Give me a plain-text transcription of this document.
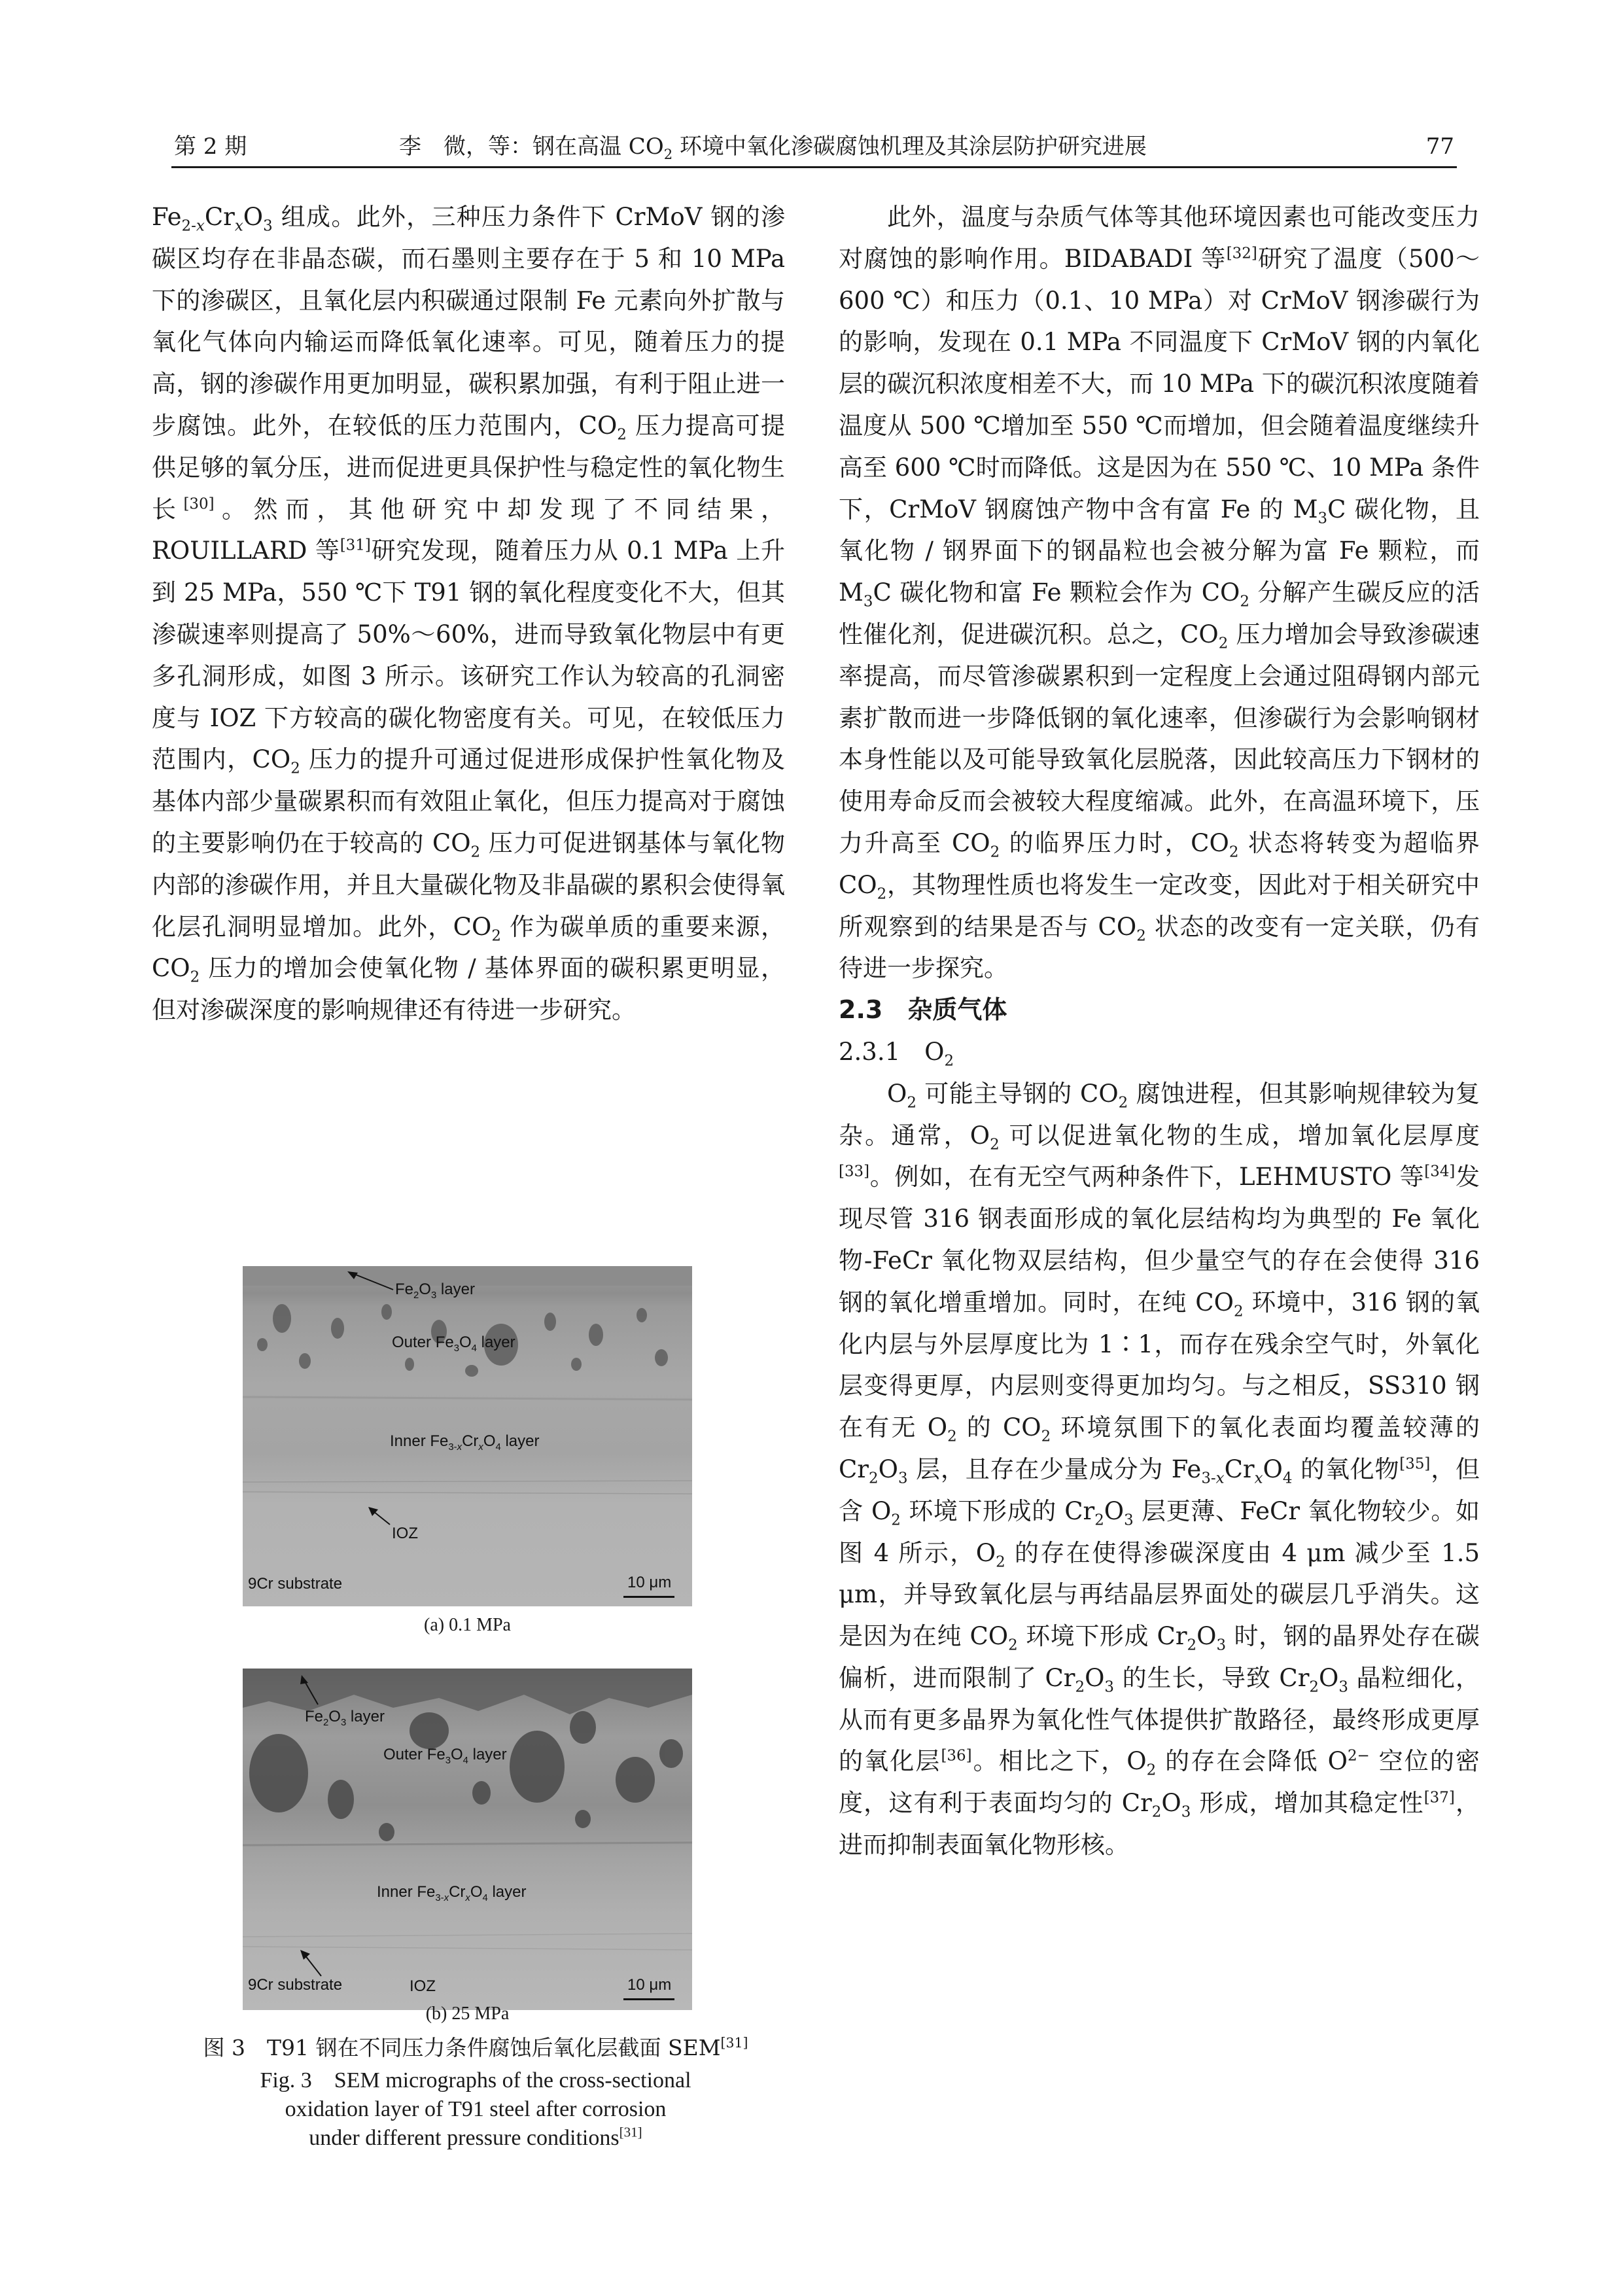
第 2 期	李　微，等：钢在高温 $CO_2$ 环境中氧化渗碳腐蚀机理及其涂层防护研究进展	77

$Fe_{2-x}Cr_xO_3$ 组成。此外，三种压力条件下 CrMoV 钢的渗碳区均存在非晶态碳，而石墨则主要存在于 5 和 10 MPa 下的渗碳区，且氧化层内积碳通过限制 Fe 元素向外扩散与氧化气体向内输运而降低氧化速率。可见，随着压力的提高，钢的渗碳作用更加明显，碳积累加强，有利于阻止进一步腐蚀。此外，在较低的压力范围内，$CO_2$ 压力提高可提供足够的氧分压，进而促进更具保护性与稳定性的氧化物生长[30]。然而，其他研究中却发现了不同结果，ROUILLARD 等[31]研究发现，随着压力从 0.1 MPa 上升到 25 MPa，550 ℃下 T91 钢的氧化程度变化不大，但其渗碳速率则提高了 50%～60%，进而导致氧化物层中有更多孔洞形成，如图 3 所示。该研究工作认为较高的孔洞密度与 IOZ 下方较高的碳化物密度有关。可见，在较低压力范围内，$CO_2$ 压力的提升可通过促进形成保护性氧化物及基体内部少量碳累积而有效阻止氧化，但压力提高对于腐蚀的主要影响仍在于较高的 $CO_2$ 压力可促进钢基体与氧化物内部的渗碳作用，并且大量碳化物及非晶碳的累积会使得氧化层孔洞明显增加。此外，$CO_2$ 作为碳单质的重要来源，$CO_2$ 压力的增加会使氧化物 / 基体界面的碳积累更明显，但对渗碳深度的影响规律还有待进一步研究。

$Fe_2O_3$ layer
Outer $Fe_3O_4$ layer
Inner $Fe_{3-x}Cr_xO_4$ layer
IOZ
9Cr substrate	10 μm
(a) 0.1 MPa
$Fe_2O_3$ layer
Outer $Fe_3O_4$ layer
Inner $Fe_{3-x}Cr_xO_4$ layer
9Cr substrate	IOZ	10 μm
(b) 25 MPa
图 3　T91 钢在不同压力条件腐蚀后氧化层截面 SEM[31]
Fig. 3　SEM micrographs of the cross-sectional
oxidation layer of T91 steel after corrosion
under different pressure conditions[31]

此外，温度与杂质气体等其他环境因素也可能改变压力对腐蚀的影响作用。BIDABADI 等[32]研究了温度（500～600 ℃）和压力（0.1、10 MPa）对 CrMoV 钢渗碳行为的影响，发现在 0.1 MPa 不同温度下 CrMoV 钢的内氧化层的碳沉积浓度相差不大，而 10 MPa 下的碳沉积浓度随着温度从 500 ℃增加至 550 ℃而增加，但会随着温度继续升高至 600 ℃时而降低。这是因为在 550 ℃、10 MPa 条件下，CrMoV 钢腐蚀产物中含有富 Fe 的 $M_3C$ 碳化物，且氧化物 / 钢界面下的钢晶粒也会被分解为富 Fe 颗粒，而 $M_3C$ 碳化物和富 Fe 颗粒会作为 $CO_2$ 分解产生碳反应的活性催化剂，促进碳沉积。总之，$CO_2$ 压力增加会导致渗碳速率提高，而尽管渗碳累积到一定程度上会通过阻碍钢内部元素扩散而进一步降低钢的氧化速率，但渗碳行为会影响钢材本身性能以及可能导致氧化层脱落，因此较高压力下钢材的使用寿命反而会被较大程度缩减。此外，在高温环境下，压力升高至 $CO_2$ 的临界压力时，$CO_2$ 状态将转变为超临界 $CO_2$，其物理性质也将发生一定改变，因此对于相关研究中所观察到的结果是否与 $CO_2$ 状态的改变有一定关联，仍有待进一步探究。

2.3　杂质气体
2.3.1　$O_2$

$O_2$ 可能主导钢的 $CO_2$ 腐蚀进程，但其影响规律较为复杂。通常，$O_2$ 可以促进氧化物的生成，增加氧化层厚度[33]。例如，在有无空气两种条件下，LEHMUSTO 等[34]发现尽管 316 钢表面形成的氧化层结构均为典型的 Fe 氧化物-FeCr 氧化物双层结构，但少量空气的存在会使得 316 钢的氧化增重增加。同时，在纯 $CO_2$ 环境中，316 钢的氧化内层与外层厚度比为 1∶1，而存在残余空气时，外氧化层变得更厚，内层则变得更加均匀。与之相反，SS310 钢在有无 $O_2$ 的 $CO_2$ 环境氛围下的氧化表面均覆盖较薄的 $Cr_2O_3$ 层，且存在少量成分为 $Fe_{3-x}Cr_xO_4$ 的氧化物[35]，但含 $O_2$ 环境下形成的 $Cr_2O_3$ 层更薄、FeCr 氧化物较少。如图 4 所示，$O_2$ 的存在使得渗碳深度由 4 μm 减少至 1.5 μm，并导致氧化层与再结晶层界面处的碳层几乎消失。这是因为在纯 $CO_2$ 环境下形成 $Cr_2O_3$ 时，钢的晶界处存在碳偏析，进而限制了 $Cr_2O_3$ 的生长，导致 $Cr_2O_3$ 晶粒细化，从而有更多晶界为氧化性气体提供扩散路径，最终形成更厚的氧化层[36]。相比之下，$O_2$ 的存在会降低 $O^{2-}$ 空位的密度，这有利于表面均匀的 $Cr_2O_3$ 形成，增加其稳定性[37]，进而抑制表面氧化物形核。
